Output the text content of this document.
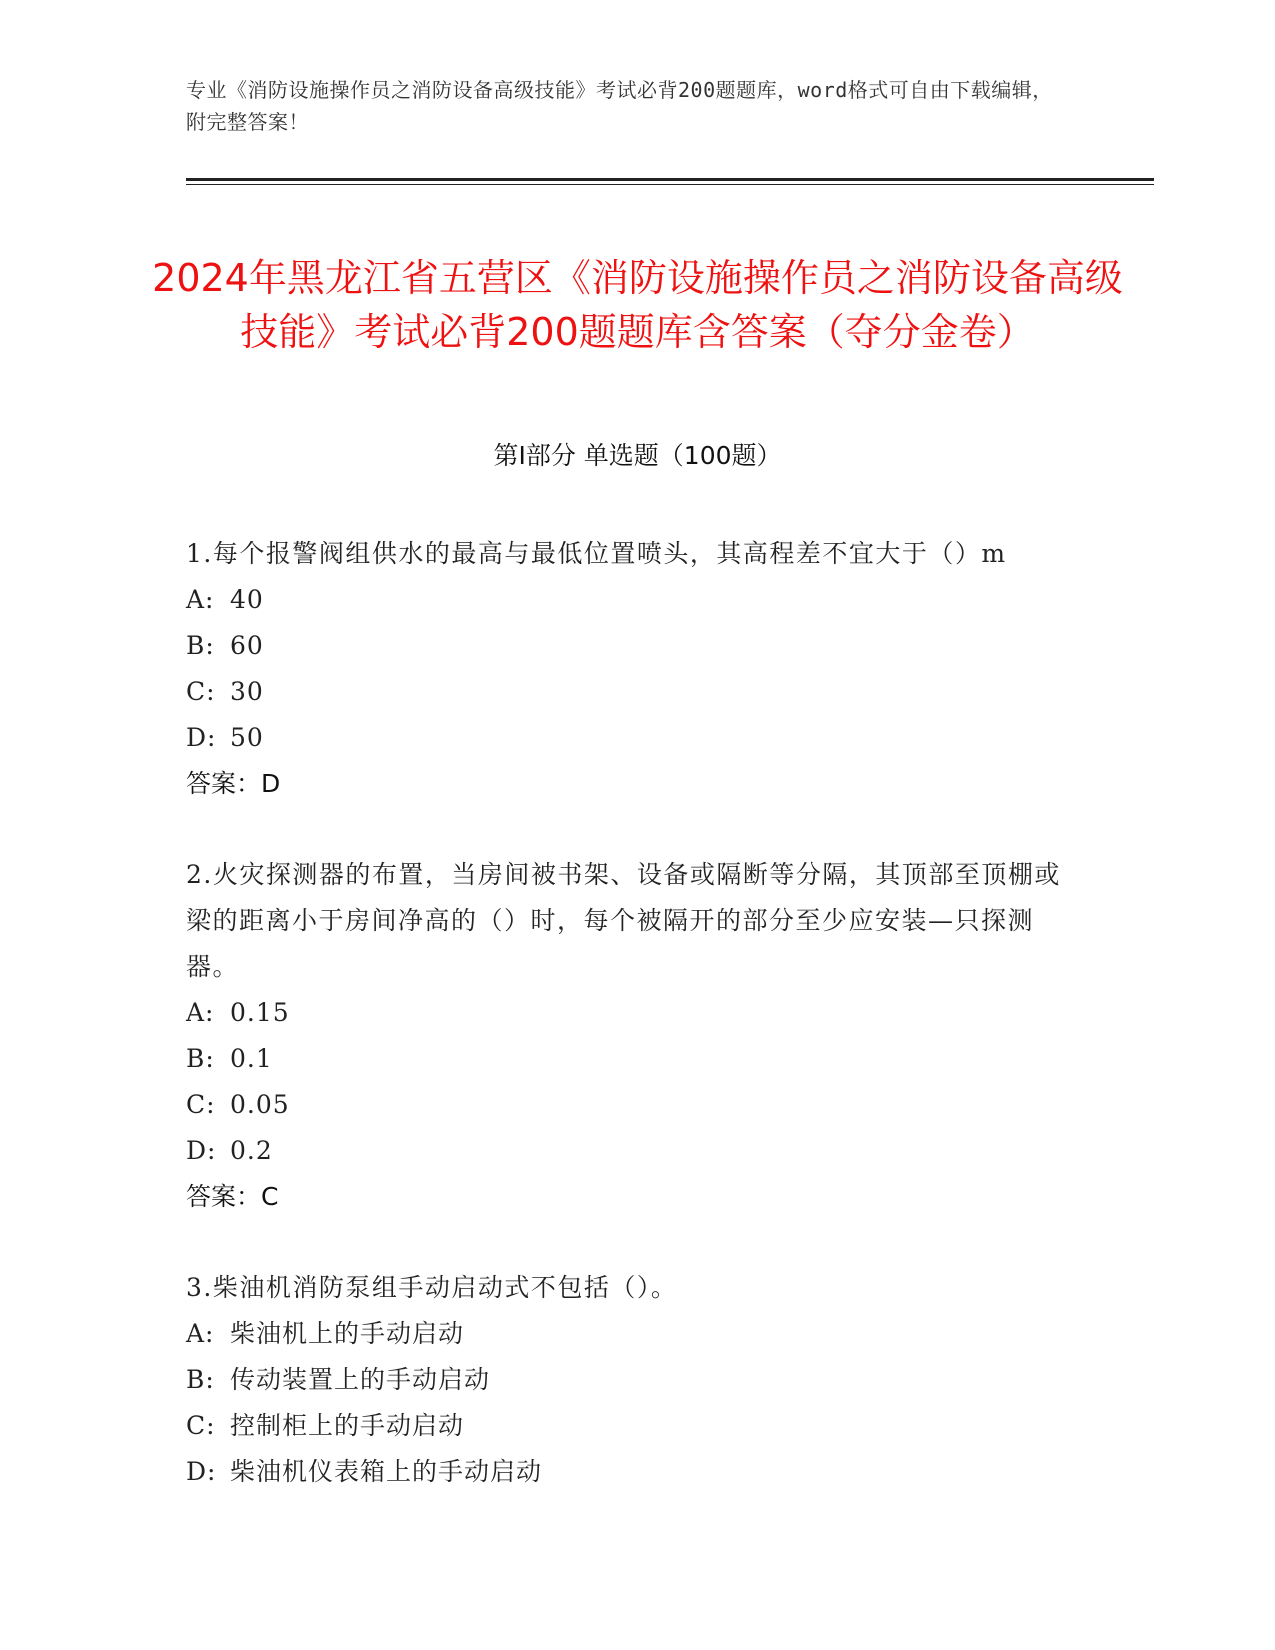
专业《消防设施操作员之消防设备高级技能》考试必背200题题库，word格式可自由下载编辑，附完整答案！
2024年黑龙江省五营区《消防设施操作员之消防设备高级技能》考试必背200题题库含答案（夺分金卷）
第Ⅰ部分 单选题（100题）
1.每个报警阀组供水的最高与最低位置喷头，其高程差不宜大于（）m
A: 40
B: 60
C: 30
D: 50
答案：D
2.火灾探测器的布置，当房间被书架、设备或隔断等分隔，其顶部至顶棚或梁的距离小于房间净高的（）时，每个被隔开的部分至少应安装—只探测器。
A: 0.15
B: 0.1
C: 0.05
D: 0.2
答案：C
3.柴油机消防泵组手动启动式不包括（）。
A: 柴油机上的手动启动
B: 传动装置上的手动启动
C: 控制柜上的手动启动
D: 柴油机仪表箱上的手动启动
